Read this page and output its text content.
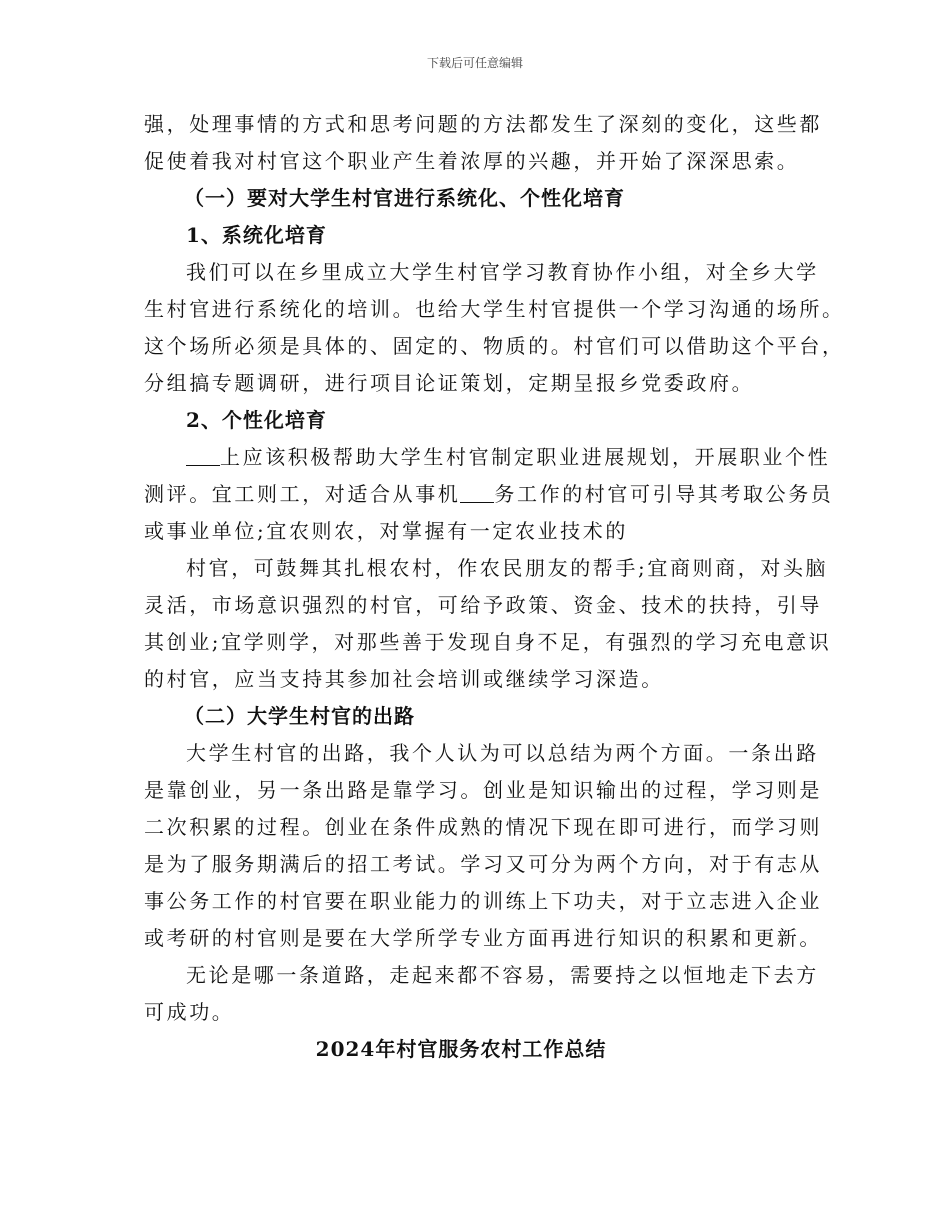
下载后可任意编辑
强，处理事情的方式和思考问题的方法都发生了深刻的变化，这些都
促使着我对村官这个职业产生着浓厚的兴趣，并开始了深深思索。
（一）要对大学生村官进行系统化、个性化培育
1、系统化培育
我们可以在乡里成立大学生村官学习教育协作小组，对全乡大学
生村官进行系统化的培训。也给大学生村官提供一个学习沟通的场所。
这个场所必须是具体的、固定的、物质的。村官们可以借助这个平台，
分组搞专题调研，进行项目论证策划，定期呈报乡党委政府。
2、个性化培育
上应该积极帮助大学生村官制定职业进展规划，开展职业个性
测评。宜工则工，对适合从事机 务工作的村官可引导其考取公务员
或事业单位;宜农则农，对掌握有一定农业技术的
村官，可鼓舞其扎根农村，作农民朋友的帮手;宜商则商，对头脑
灵活，市场意识强烈的村官，可给予政策、资金、技术的扶持，引导
其创业;宜学则学，对那些善于发现自身不足，有强烈的学习充电意识
的村官，应当支持其参加社会培训或继续学习深造。
（二）大学生村官的出路
大学生村官的出路，我个人认为可以总结为两个方面。一条出路
是靠创业，另一条出路是靠学习。创业是知识输出的过程，学习则是
二次积累的过程。创业在条件成熟的情况下现在即可进行，而学习则
是为了服务期满后的招工考试。学习又可分为两个方向，对于有志从
事公务工作的村官要在职业能力的训练上下功夫，对于立志进入企业
或考研的村官则是要在大学所学专业方面再进行知识的积累和更新。
无论是哪一条道路，走起来都不容易，需要持之以恒地走下去方
可成功。
2024年村官服务农村工作总结
